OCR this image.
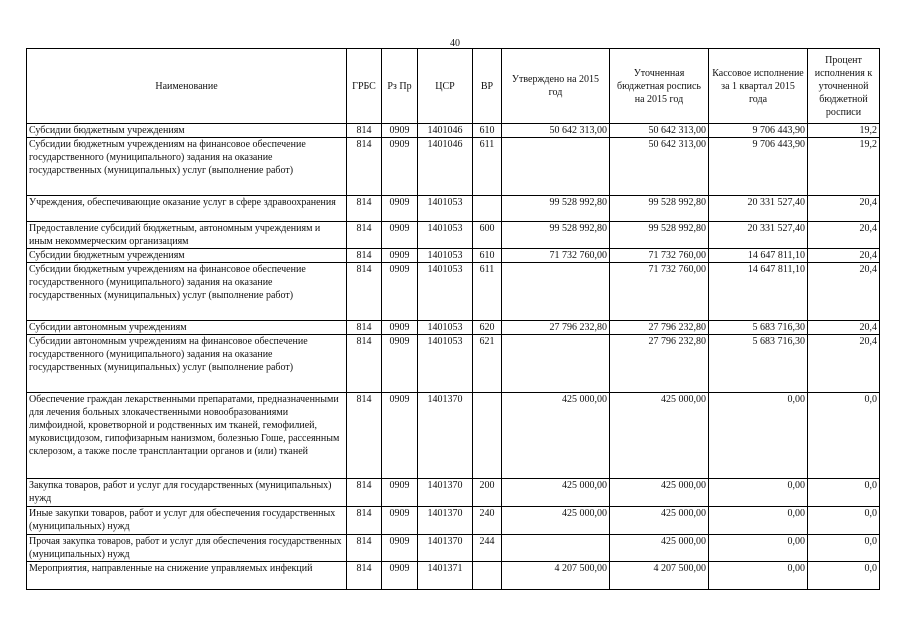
40
Наименование	ГРБС	Рз Пр	ЦСР	ВР	Утверждено на 2015 год	Уточненная бюджетная роспись на 2015 год	Кассовое исполнение за 1 квартал 2015 года	Процент исполнения к уточненной бюджетной росписи
Субсидии бюджетным учреждениям	814	0909	1401046	610	50 642 313,00	50 642 313,00	9 706 443,90	19,2
Субсидии бюджетным учреждениям на финансовое обеспечение государственного (муниципального) задания на оказание государственных (муниципальных) услуг (выполнение работ)	814	0909	1401046	611		50 642 313,00	9 706 443,90	19,2
Учреждения, обеспечивающие оказание услуг в сфере здравоохранения	814	0909	1401053		99 528 992,80	99 528 992,80	20 331 527,40	20,4
Предоставление субсидий бюджетным, автономным учреждениям и иным некоммерческим организациям	814	0909	1401053	600	99 528 992,80	99 528 992,80	20 331 527,40	20,4
Субсидии бюджетным учреждениям	814	0909	1401053	610	71 732 760,00	71 732 760,00	14 647 811,10	20,4
Субсидии бюджетным учреждениям на финансовое обеспечение государственного (муниципального) задания на оказание государственных (муниципальных) услуг (выполнение работ)	814	0909	1401053	611		71 732 760,00	14 647 811,10	20,4
Субсидии автономным учреждениям	814	0909	1401053	620	27 796 232,80	27 796 232,80	5 683 716,30	20,4
Субсидии автономным учреждениям на финансовое обеспечение государственного (муниципального) задания на оказание государственных (муниципальных) услуг (выполнение работ)	814	0909	1401053	621		27 796 232,80	5 683 716,30	20,4
Обеспечение граждан лекарственными препаратами, предназначенными для лечения больных злокачественными новообразованиями лимфоидной, кроветворной и родственных им тканей, гемофилией, муковисцидозом, гипофизарным нанизмом, болезнью Гоше, рассеянным склерозом, а также после трансплантации органов и (или) тканей	814	0909	1401370		425 000,00	425 000,00	0,00	0,0
Закупка товаров, работ и услуг для государственных (муниципальных) нужд	814	0909	1401370	200	425 000,00	425 000,00	0,00	0,0
Иные закупки товаров, работ и услуг для обеспечения государственных (муниципальных) нужд	814	0909	1401370	240	425 000,00	425 000,00	0,00	0,0
Прочая закупка товаров, работ и услуг для обеспечения государственных (муниципальных) нужд	814	0909	1401370	244		425 000,00	0,00	0,0
Мероприятия, направленные на снижение управляемых инфекций	814	0909	1401371		4 207 500,00	4 207 500,00	0,00	0,0
